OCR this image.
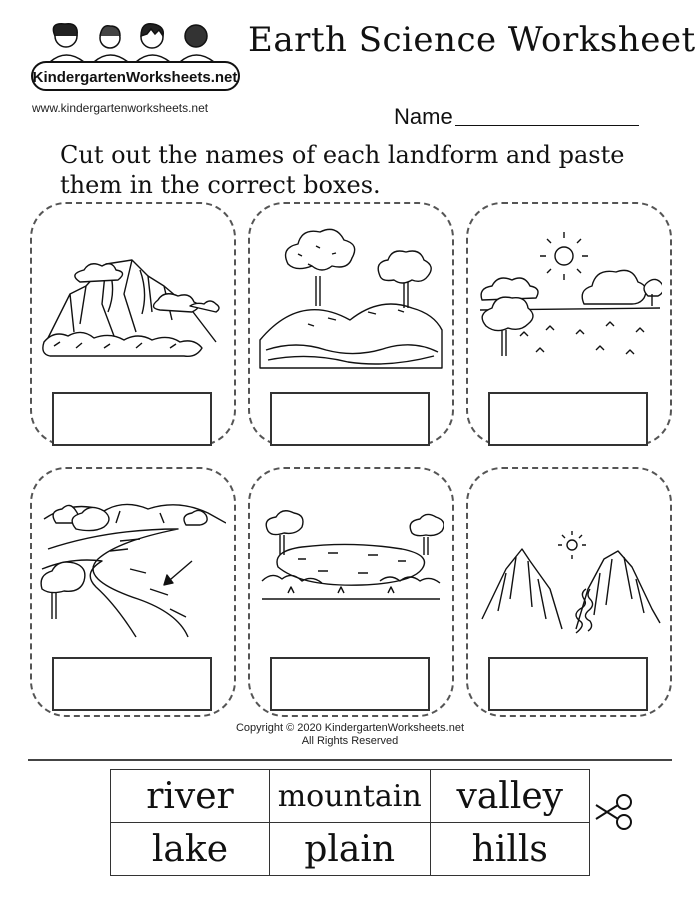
KindergartenWorksheets.net
www.kindergartenworksheets.net
Earth Science Worksheet
Name
Cut out the names of each landform and paste them in the correct boxes.
Copyright © 2020 KindergartenWorksheets.net
All Rights Reserved
river	mountain	valley
lake	plain	hills
